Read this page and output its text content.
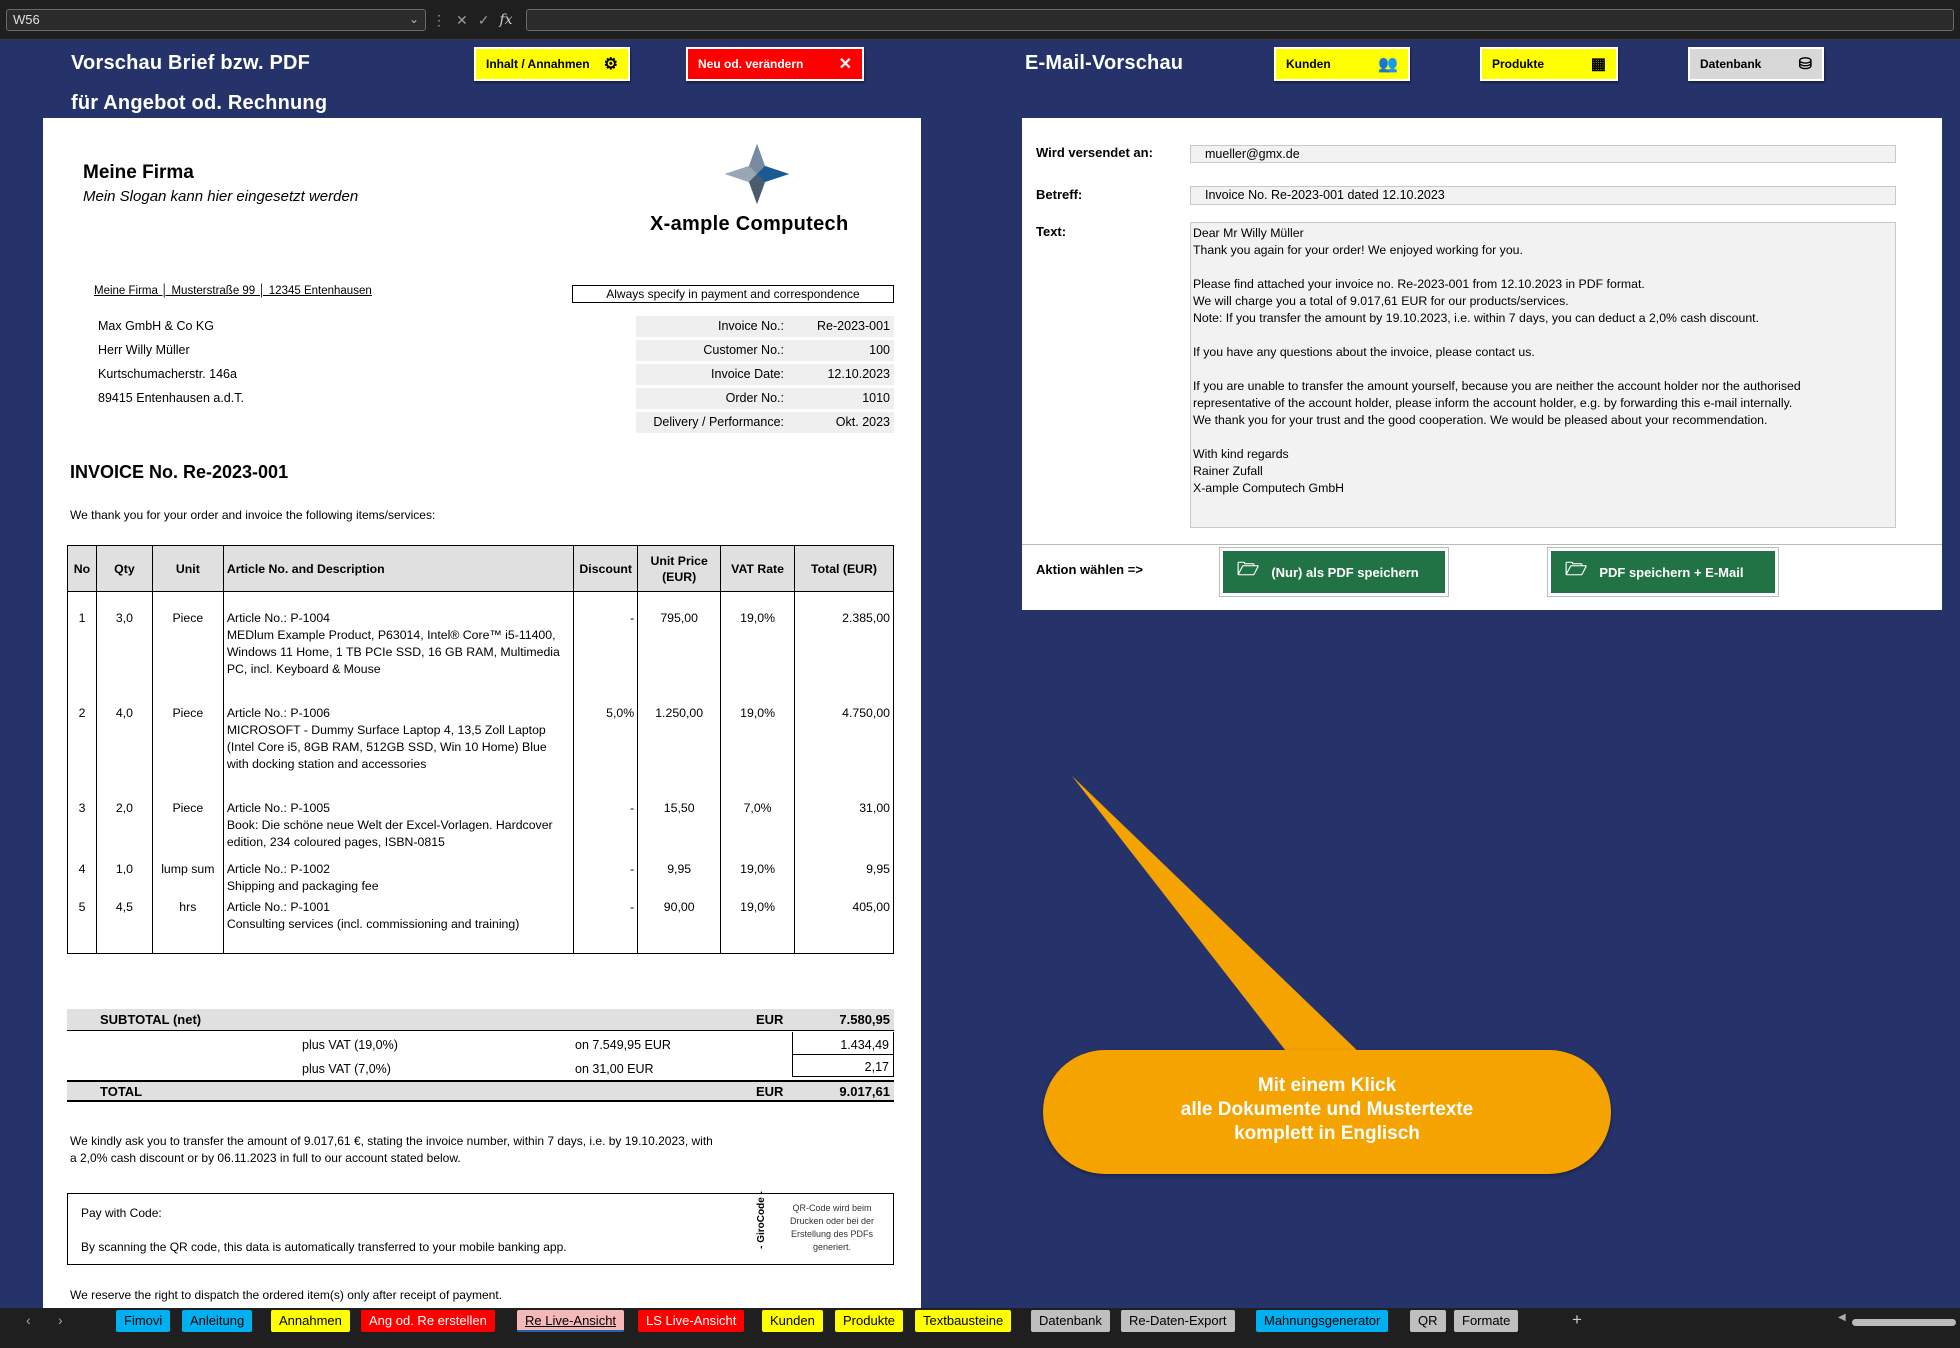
W56	⌄ ⋮ ✕ ✓ fx
Vorschau Brief bzw. PDF
für Angebot od. Rechnung
Inhalt / Annahmen ⚙	Neu od. verändern ✕	E-Mail-Vorschau	Kunden	👥	Produkte	▦	Datenbank ⛁
Meine Firma
Mein Slogan kann hier eingesetzt werden
X-ample Computech
Meine Firma │ Musterstraße 99 │ 12345 Entenhausen	Always specify in payment and correspondence
Max GmbH & Co KG
Herr Willy Müller
Kurtschumacherstr. 146a
89415 Entenhausen a.d.T.
Invoice No.:	Re-2023-001
Customer No.:	100
Invoice Date:	12.10.2023
Order No.:	1010
Delivery / Performance:	Okt. 2023
INVOICE No. Re-2023-001
We thank you for your order and invoice the following items/services:
No	Qty	Unit	Article No. and Description	Discount	Unit Price (EUR)	VAT Rate	Total (EUR)
1	3,0	Piece	Article No.: P-1004
MEDlum Example Product, P63014, Intel® Core™ i5-11400, Windows 11 Home, 1 TB PCIe SSD, 16 GB RAM, Multimedia PC, incl. Keyboard & Mouse	-	795,00	19,0%	2.385,00
2	4,0	Piece	Article No.: P-1006
MICROSOFT - Dummy Surface Laptop 4, 13,5 Zoll Laptop (Intel Core i5, 8GB RAM, 512GB SSD, Win 10 Home) Blue with docking station and accessories	5,0%	1.250,00	19,0%	4.750,00
3	2,0	Piece	Article No.: P-1005
Book: Die schöne neue Welt der Excel-Vorlagen. Hardcover edition, 234 coloured pages, ISBN-0815	-	15,50	7,0%	31,00
4	1,0	lump sum	Article No.: P-1002
Shipping and packaging fee	-	9,95	19,0%	9,95
5	4,5	hrs	Article No.: P-1001
Consulting services (incl. commissioning and training)	-	90,00	19,0%	405,00
SUBTOTAL (net)	EUR	7.580,95
plus VAT (19,0%)	on 7.549,95 EUR	1.434,49
plus VAT (7,0%)	on 31,00 EUR	2,17
TOTAL	EUR	9.017,61
We kindly ask you to transfer the amount of 9.017,61 €, stating the invoice number, within 7 days, i.e. by 19.10.2023, with
a 2,0% cash discount or by 06.11.2023 in full to our account stated below.
Pay with Code:
By scanning the QR code, this data is automatically transferred to your mobile banking app.	- GiroCode -	QR-Code wird beim Drucken oder bei der Erstellung des PDFs generiert.
We reserve the right to dispatch the ordered item(s) only after receipt of payment.
Wird versendet an:	mueller@gmx.de
Betreff:	Invoice No. Re-2023-001 dated 12.10.2023
Text:	Dear Mr Willy Müller
Thank you again for your order! We enjoyed working for you.
Please find attached your invoice no. Re-2023-001 from 12.10.2023 in PDF format.
We will charge you a total of 9.017,61 EUR for our products/services.
Note: If you transfer the amount by 19.10.2023, i.e. within 7 days, you can deduct a 2,0% cash discount.
If you have any questions about the invoice, please contact us.
If you are unable to transfer the amount yourself, because you are neither the account holder nor the authorised
representative of the account holder, please inform the account holder, e.g. by forwarding this e-mail internally.
We thank you for your trust and the good cooperation. We would be pleased about your recommendation.
With kind regards
Rainer Zufall
X-ample Computech GmbH
Aktion wählen =>	🗁 (Nur) als PDF speichern	🗁 PDF speichern + E-Mail
Mit einem Klick
alle Dokumente und Mustertexte
komplett in Englisch
‹ ›	Fimovi	Anleitung	Annahmen	Ang od. Re erstellen	Re Live-Ansicht	LS Live-Ansicht	Kunden	Produkte	Textbausteine	Datenbank	Re-Daten-Export	Mahnungsgenerator	QR	Formate	+	◀
